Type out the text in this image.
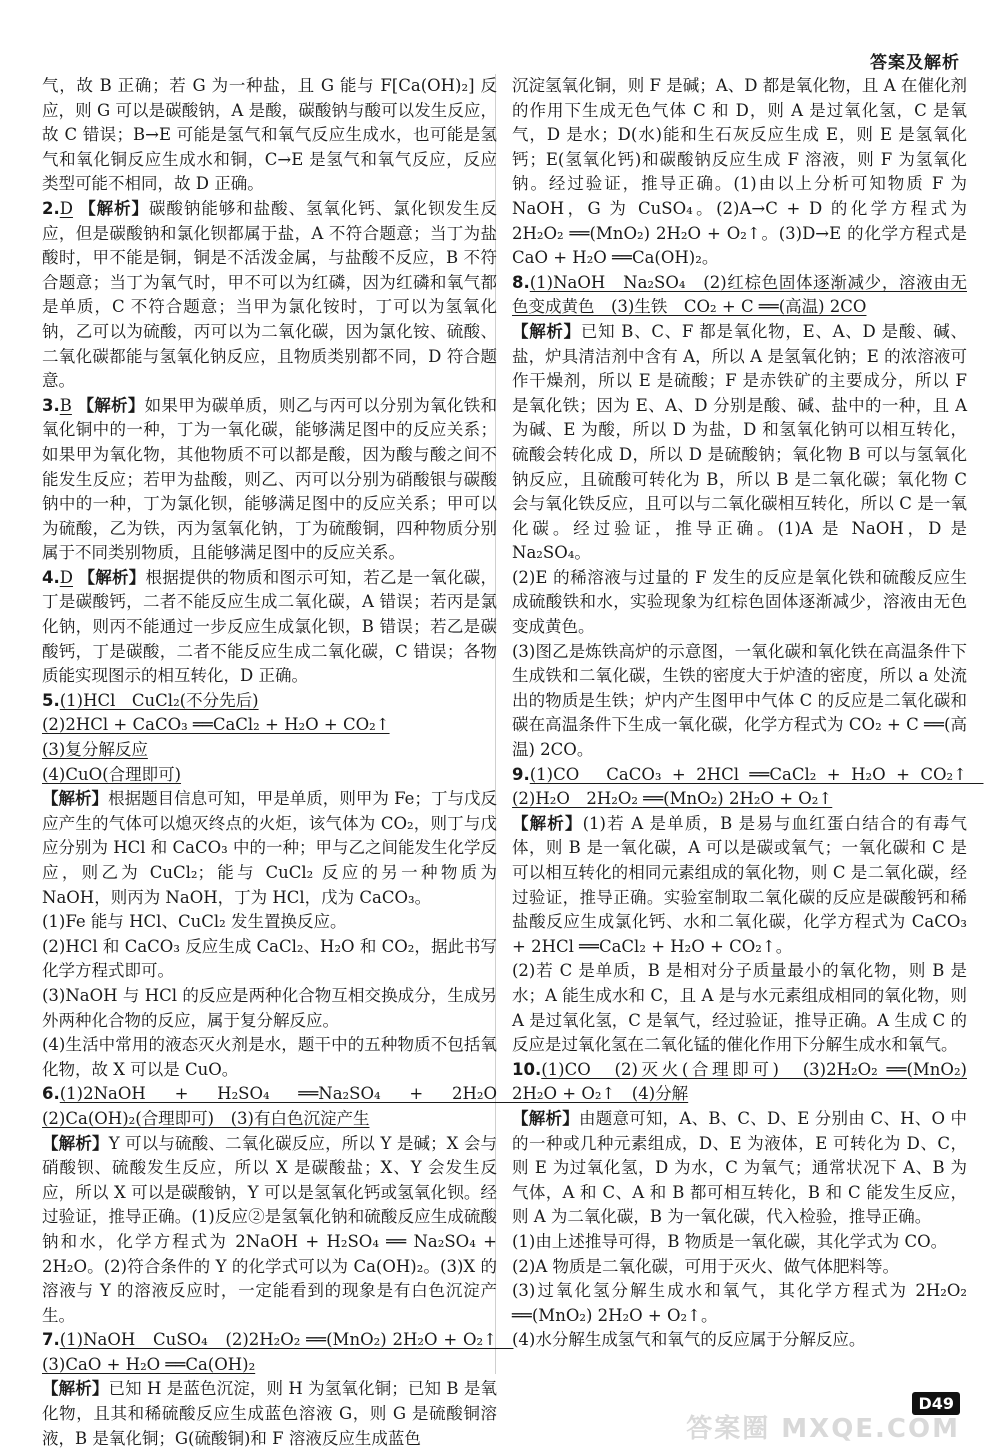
答案及解析

气，故 B 正确；若 G 为一种盐，且 G 能与 F[Ca(OH)₂] 反应，则 G 可以是碳酸钠，A 是酸，碳酸钠与酸可以发生反应，故 C 错误；B→E 可能是氢气和氧气反应生成水，也可能是氢气和氧化铜反应生成水和铜，C→E 是氢气和氧气反应，反应类型可能不相同，故 D 正确。

2.D 【解析】碳酸钠能够和盐酸、氢氧化钙、氯化钡发生反应，但是碳酸钠和氯化钡都属于盐，A 不符合题意；当丁为盐酸时，甲不能是铜，铜是不活泼金属，与盐酸不反应，B 不符合题意；当丁为氧气时，甲不可以为红磷，因为红磷和氧气都是单质，C 不符合题意；当甲为氯化铵时，丁可以为氢氧化钠，乙可以为硫酸，丙可以为二氧化碳，因为氯化铵、硫酸、二氧化碳都能与氢氧化钠反应，且物质类别都不同，D 符合题意。

3.B 【解析】如果甲为碳单质，则乙与丙可以分别为氧化铁和氧化铜中的一种，丁为一氧化碳，能够满足图中的反应关系；如果甲为氧化物，其他物质不可以都是酸，因为酸与酸之间不能发生反应；若甲为盐酸，则乙、丙可以分别为硝酸银与碳酸钠中的一种，丁为氯化钡，能够满足图中的反应关系；甲可以为硫酸，乙为铁，丙为氢氧化钠，丁为硫酸铜，四种物质分别属于不同类别物质，且能够满足图中的反应关系。

4.D 【解析】根据提供的物质和图示可知，若乙是一氧化碳，丁是碳酸钙，二者不能反应生成二氧化碳，A 错误；若丙是氯化钠，则丙不能通过一步反应生成氯化钡，B 错误；若乙是碳酸钙，丁是碳酸，二者不能反应生成二氧化碳，C 错误；各物质能实现图示的相互转化，D 正确。

5.(1)HCl　CuCl₂(不分先后)

(2)2HCl + CaCO₃ ══CaCl₂ + H₂O + CO₂↑

(3)复分解反应

(4)CuO(合理即可)

【解析】根据题目信息可知，甲是单质，则甲为 Fe；丁与戊反应产生的气体可以熄灭终点的火炬，该气体为 CO₂，则丁与戊应分别为 HCl 和 CaCO₃ 中的一种；甲与乙之间能发生化学反应，则乙为 CuCl₂；能与 CuCl₂ 反应的另一种物质为 NaOH，则丙为 NaOH，丁为 HCl，戊为 CaCO₃。

(1)Fe 能与 HCl、CuCl₂ 发生置换反应。

(2)HCl 和 CaCO₃ 反应生成 CaCl₂、H₂O 和 CO₂，据此书写化学方程式即可。

(3)NaOH 与 HCl 的反应是两种化合物互相交换成分，生成另外两种化合物的反应，属于复分解反应。

(4)生活中常用的液态灭火剂是水，题干中的五种物质不包括氧化物，故 X 可以是 CuO。

6.(1)2NaOH + H₂SO₄ ══Na₂SO₄ + 2H₂O　(2)Ca(OH)₂(合理即可)　(3)有白色沉淀产生

【解析】Y 可以与硫酸、二氧化碳反应，所以 Y 是碱；X 会与硝酸钡、硫酸发生反应，所以 X 是碳酸盐；X、Y 会发生反应，所以 X 可以是碳酸钠，Y 可以是氢氧化钙或氢氧化钡。经过验证，推导正确。(1)反应②是氢氧化钠和硫酸反应生成硫酸钠和水，化学方程式为 2NaOH + H₂SO₄ ══ Na₂SO₄ + 2H₂O。(2)符合条件的 Y 的化学式可以为 Ca(OH)₂。(3)X 的溶液与 Y 的溶液反应时，一定能看到的现象是有白色沉淀产生。

7.(1)NaOH　CuSO₄　(2)2H₂O₂ ══(MnO₂) 2H₂O + O₂↑　(3)CaO + H₂O ══Ca(OH)₂

【解析】已知 H 是蓝色沉淀，则 H 为氢氧化铜；已知 B 是氧化物，且其和稀硫酸反应生成蓝色溶液 G，则 G 是硫酸铜溶液，B 是氧化铜；G(硫酸铜)和 F 溶液反应生成蓝色

沉淀氢氧化铜，则 F 是碱；A、D 都是氧化物，且 A 在催化剂的作用下生成无色气体 C 和 D，则 A 是过氧化氢，C 是氧气，D 是水；D(水)能和生石灰反应生成 E，则 E 是氢氧化钙；E(氢氧化钙)和碳酸钠反应生成 F 溶液，则 F 为氢氧化钠。经过验证，推导正确。(1)由以上分析可知物质 F 为 NaOH，G 为 CuSO₄。(2)A→C + D 的化学方程式为 2H₂O₂ ══(MnO₂) 2H₂O + O₂↑。(3)D→E 的化学方程式是 CaO + H₂O ══Ca(OH)₂。

8.(1)NaOH　Na₂SO₄　(2)红棕色固体逐渐减少，溶液由无色变成黄色　(3)生铁　CO₂ + C ══(高温) 2CO

【解析】已知 B、C、F 都是氧化物，E、A、D 是酸、碱、盐，炉具清洁剂中含有 A，所以 A 是氢氧化钠；E 的浓溶液可作干燥剂，所以 E 是硫酸；F 是赤铁矿的主要成分，所以 F 是氧化铁；因为 E、A、D 分别是酸、碱、盐中的一种，且 A 为碱、E 为酸，所以 D 为盐，D 和氢氧化钠可以相互转化，硫酸会转化成 D，所以 D 是硫酸钠；氧化物 B 可以与氢氧化钠反应，且硫酸可转化为 B，所以 B 是二氧化碳；氧化物 C 会与氧化铁反应，且可以与二氧化碳相互转化，所以 C 是一氧化碳。经过验证，推导正确。(1)A 是 NaOH，D 是 Na₂SO₄。

(2)E 的稀溶液与过量的 F 发生的反应是氧化铁和硫酸反应生成硫酸铁和水，实验现象为红棕色固体逐渐减少，溶液由无色变成黄色。

(3)图乙是炼铁高炉的示意图，一氧化碳和氧化铁在高温条件下生成铁和二氧化碳，生铁的密度大于炉渣的密度，所以 a 处流出的物质是生铁；炉内产生图甲中气体 C 的反应是二氧化碳和碳在高温条件下生成一氧化碳，化学方程式为 CO₂ + C ══(高温) 2CO。

9.(1)CO　CaCO₃ + 2HCl ══CaCl₂ + H₂O + CO₂↑　(2)H₂O　2H₂O₂ ══(MnO₂) 2H₂O + O₂↑

【解析】(1)若 A 是单质，B 是易与血红蛋白结合的有毒气体，则 B 是一氧化碳，A 可以是碳或氧气；一氧化碳和 C 是可以相互转化的相同元素组成的氧化物，则 C 是二氧化碳，经过验证，推导正确。实验室制取二氧化碳的反应是碳酸钙和稀盐酸反应生成氯化钙、水和二氧化碳，化学方程式为 CaCO₃ + 2HCl ══CaCl₂ + H₂O + CO₂↑。

(2)若 C 是单质，B 是相对分子质量最小的氧化物，则 B 是水；A 能生成水和 C，且 A 是与水元素组成相同的氧化物，则 A 是过氧化氢，C 是氧气，经过验证，推导正确。A 生成 C 的反应是过氧化氢在二氧化锰的催化作用下分解生成水和氧气。

10.(1)CO　(2)灭火(合理即可)　(3)2H₂O₂ ══(MnO₂) 2H₂O + O₂↑　(4)分解

【解析】由题意可知，A、B、C、D、E 分别由 C、H、O 中的一种或几种元素组成，D、E 为液体，E 可转化为 D、C，则 E 为过氧化氢，D 为水，C 为氧气；通常状况下 A、B 为气体，A 和 C、A 和 B 都可相互转化，B 和 C 能发生反应，则 A 为二氧化碳，B 为一氧化碳，代入检验，推导正确。

(1)由上述推导可得，B 物质是一氧化碳，其化学式为 CO。

(2)A 物质是二氧化碳，可用于灭火、做气体肥料等。

(3)过氧化氢分解生成水和氧气，其化学方程式为 2H₂O₂ ══(MnO₂) 2H₂O + O₂↑。

(4)水分解生成氢气和氧气的反应属于分解反应。

D49
答案圈 MXQE.COM
